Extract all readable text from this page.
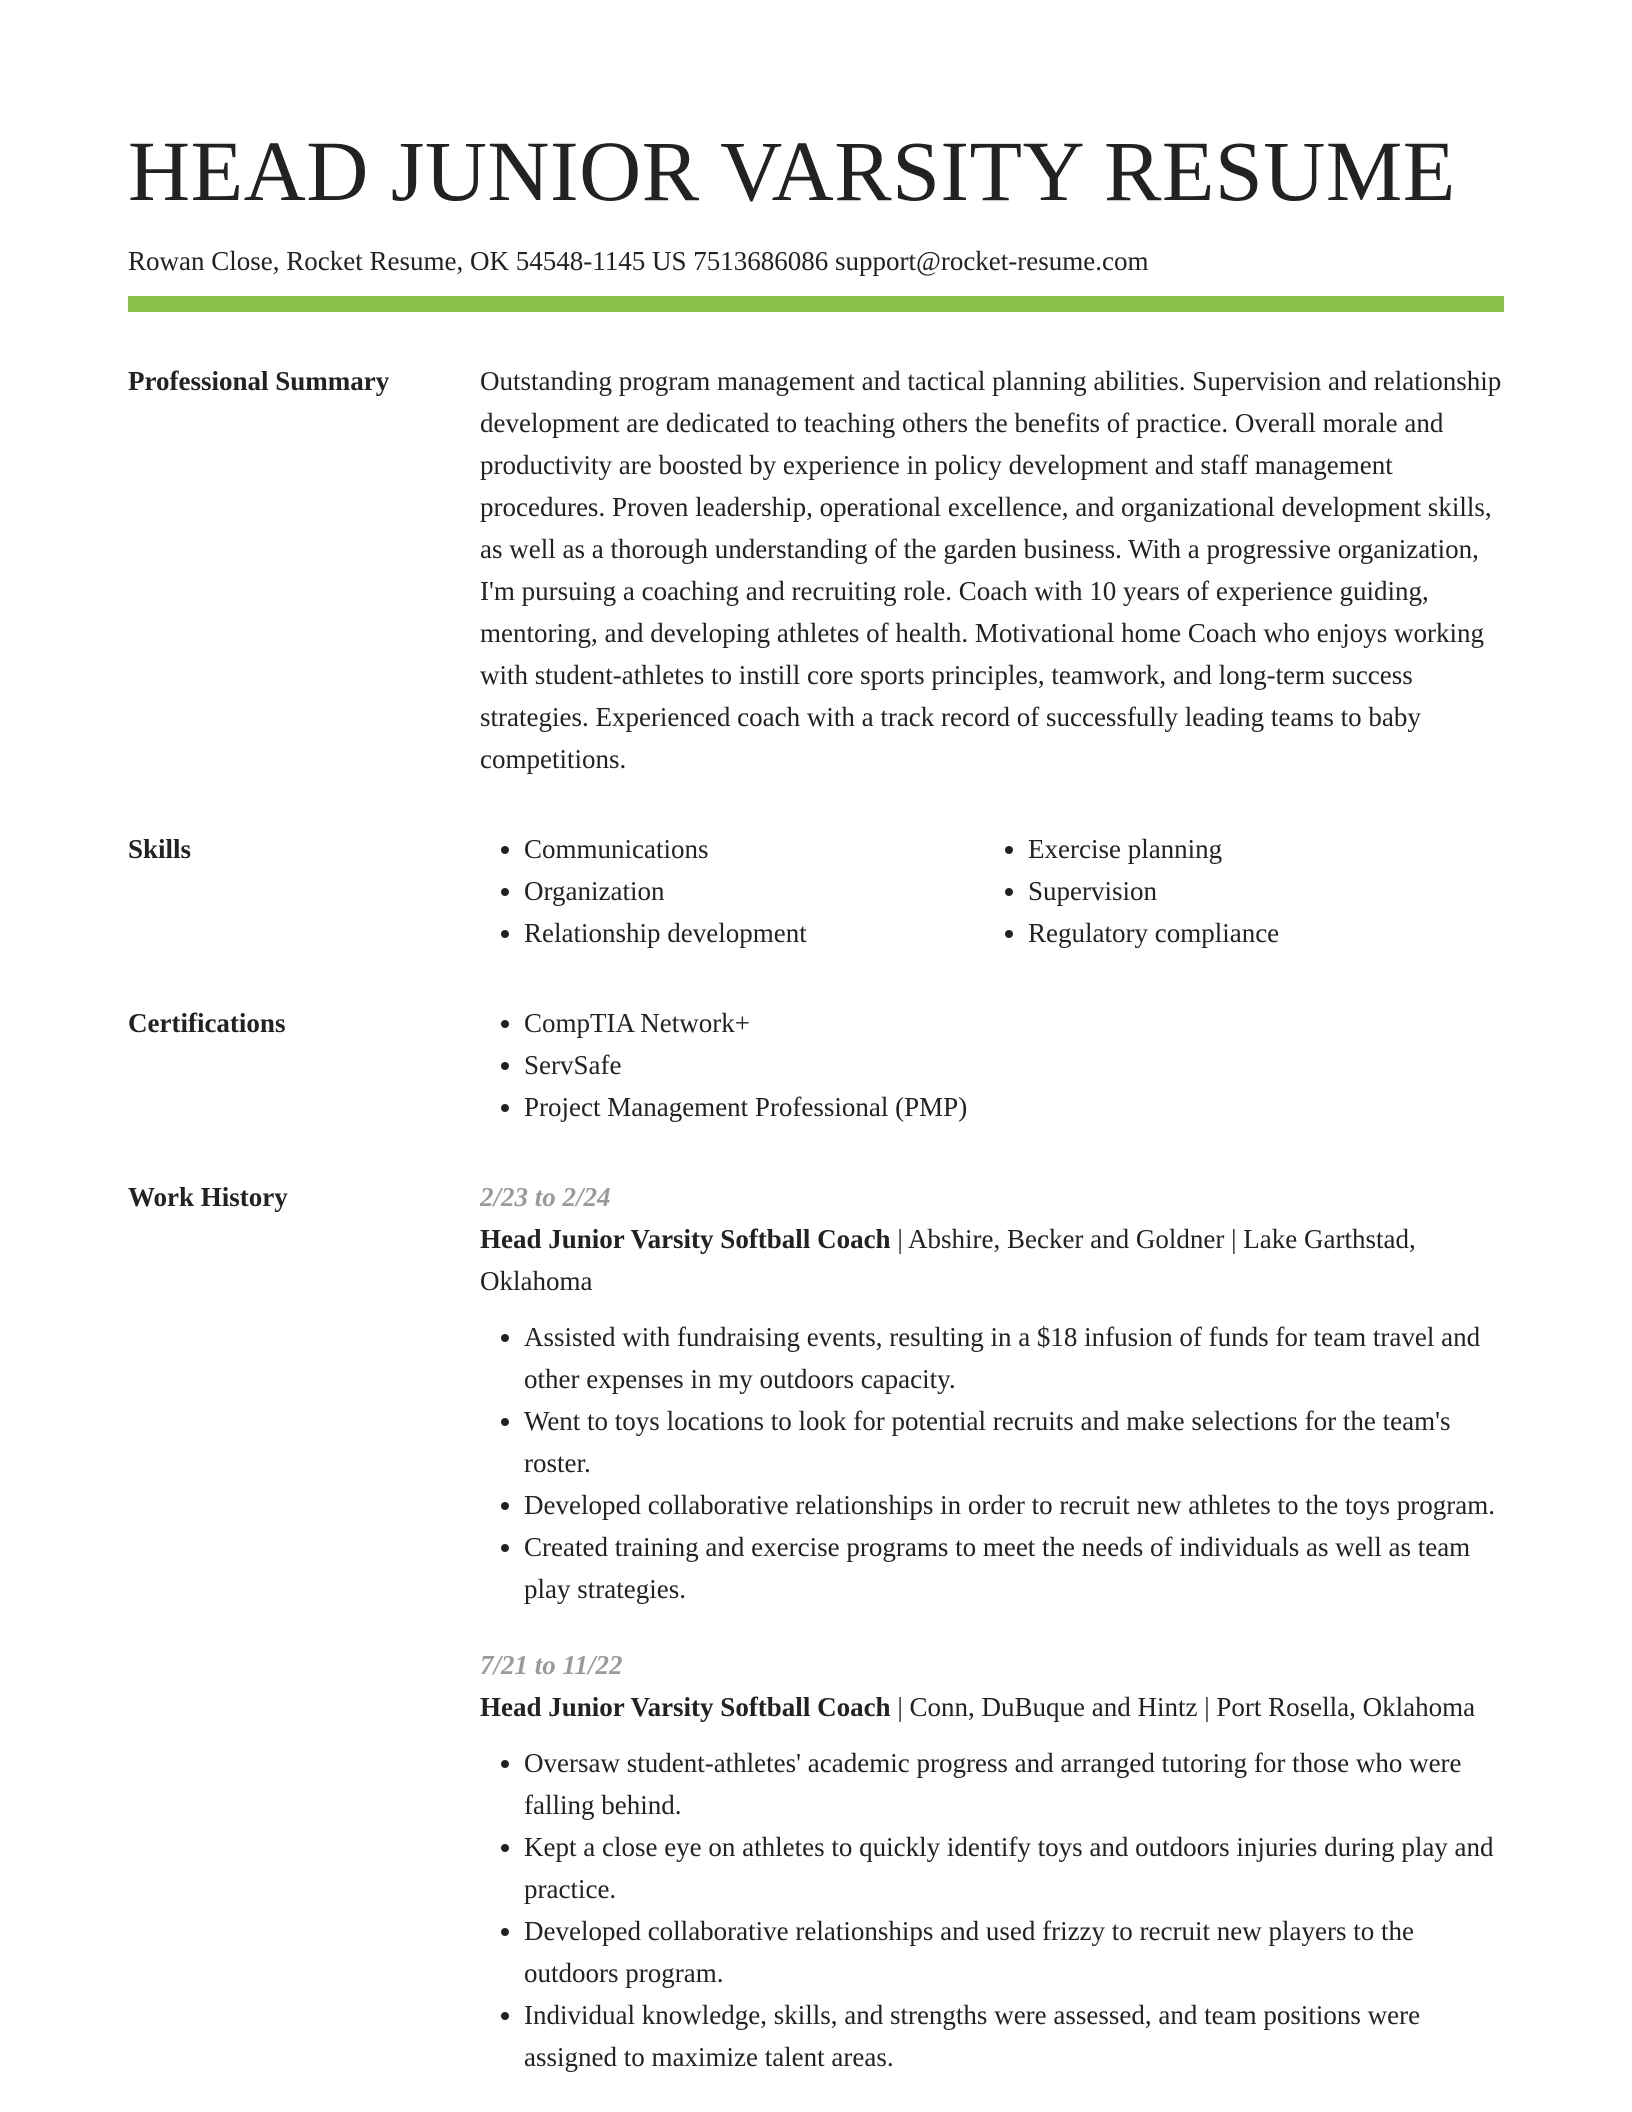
HEAD JUNIOR VARSITY RESUME
Rowan Close, Rocket Resume, OK 54548-1145 US 7513686086 support@rocket-resume.com
Professional Summary	Outstanding program management and tactical planning abilities. Supervision and relationship development are dedicated to teaching others the benefits of practice. Overall morale and productivity are boosted by experience in policy development and staff management procedures. Proven leadership, operational excellence, and organizational development skills, as well as a thorough understanding of the garden business. With a progressive organization, I'm pursuing a coaching and recruiting role. Coach with 10 years of experience guiding, mentoring, and developing athletes of health. Motivational home Coach who enjoys working with student-athletes to instill core sports principles, teamwork, and long-term success strategies. Experienced coach with a track record of successfully leading teams to baby competitions.

Skills	• Communications
• Organization
• Relationship development
• Exercise planning
• Supervision
• Regulatory compliance
Certifications	• CompTIA Network+
• ServSafe
• Project Management Professional (PMP)
Work History	2/23 to 2/24
Head Junior Varsity Softball Coach | Abshire, Becker and Goldner | Lake Garthstad, Oklahoma
• Assisted with fundraising events, resulting in a $18 infusion of funds for team travel and other expenses in my outdoors capacity.
• Went to toys locations to look for potential recruits and make selections for the team's roster.
• Developed collaborative relationships in order to recruit new athletes to the toys program.
• Created training and exercise programs to meet the needs of individuals as well as team play strategies.
7/21 to 11/22
Head Junior Varsity Softball Coach | Conn, DuBuque and Hintz | Port Rosella, Oklahoma
• Oversaw student-athletes' academic progress and arranged tutoring for those who were falling behind.
• Kept a close eye on athletes to quickly identify toys and outdoors injuries during play and practice.
• Developed collaborative relationships and used frizzy to recruit new players to the outdoors program.
• Individual knowledge, skills, and strengths were assessed, and team positions were assigned to maximize talent areas.
